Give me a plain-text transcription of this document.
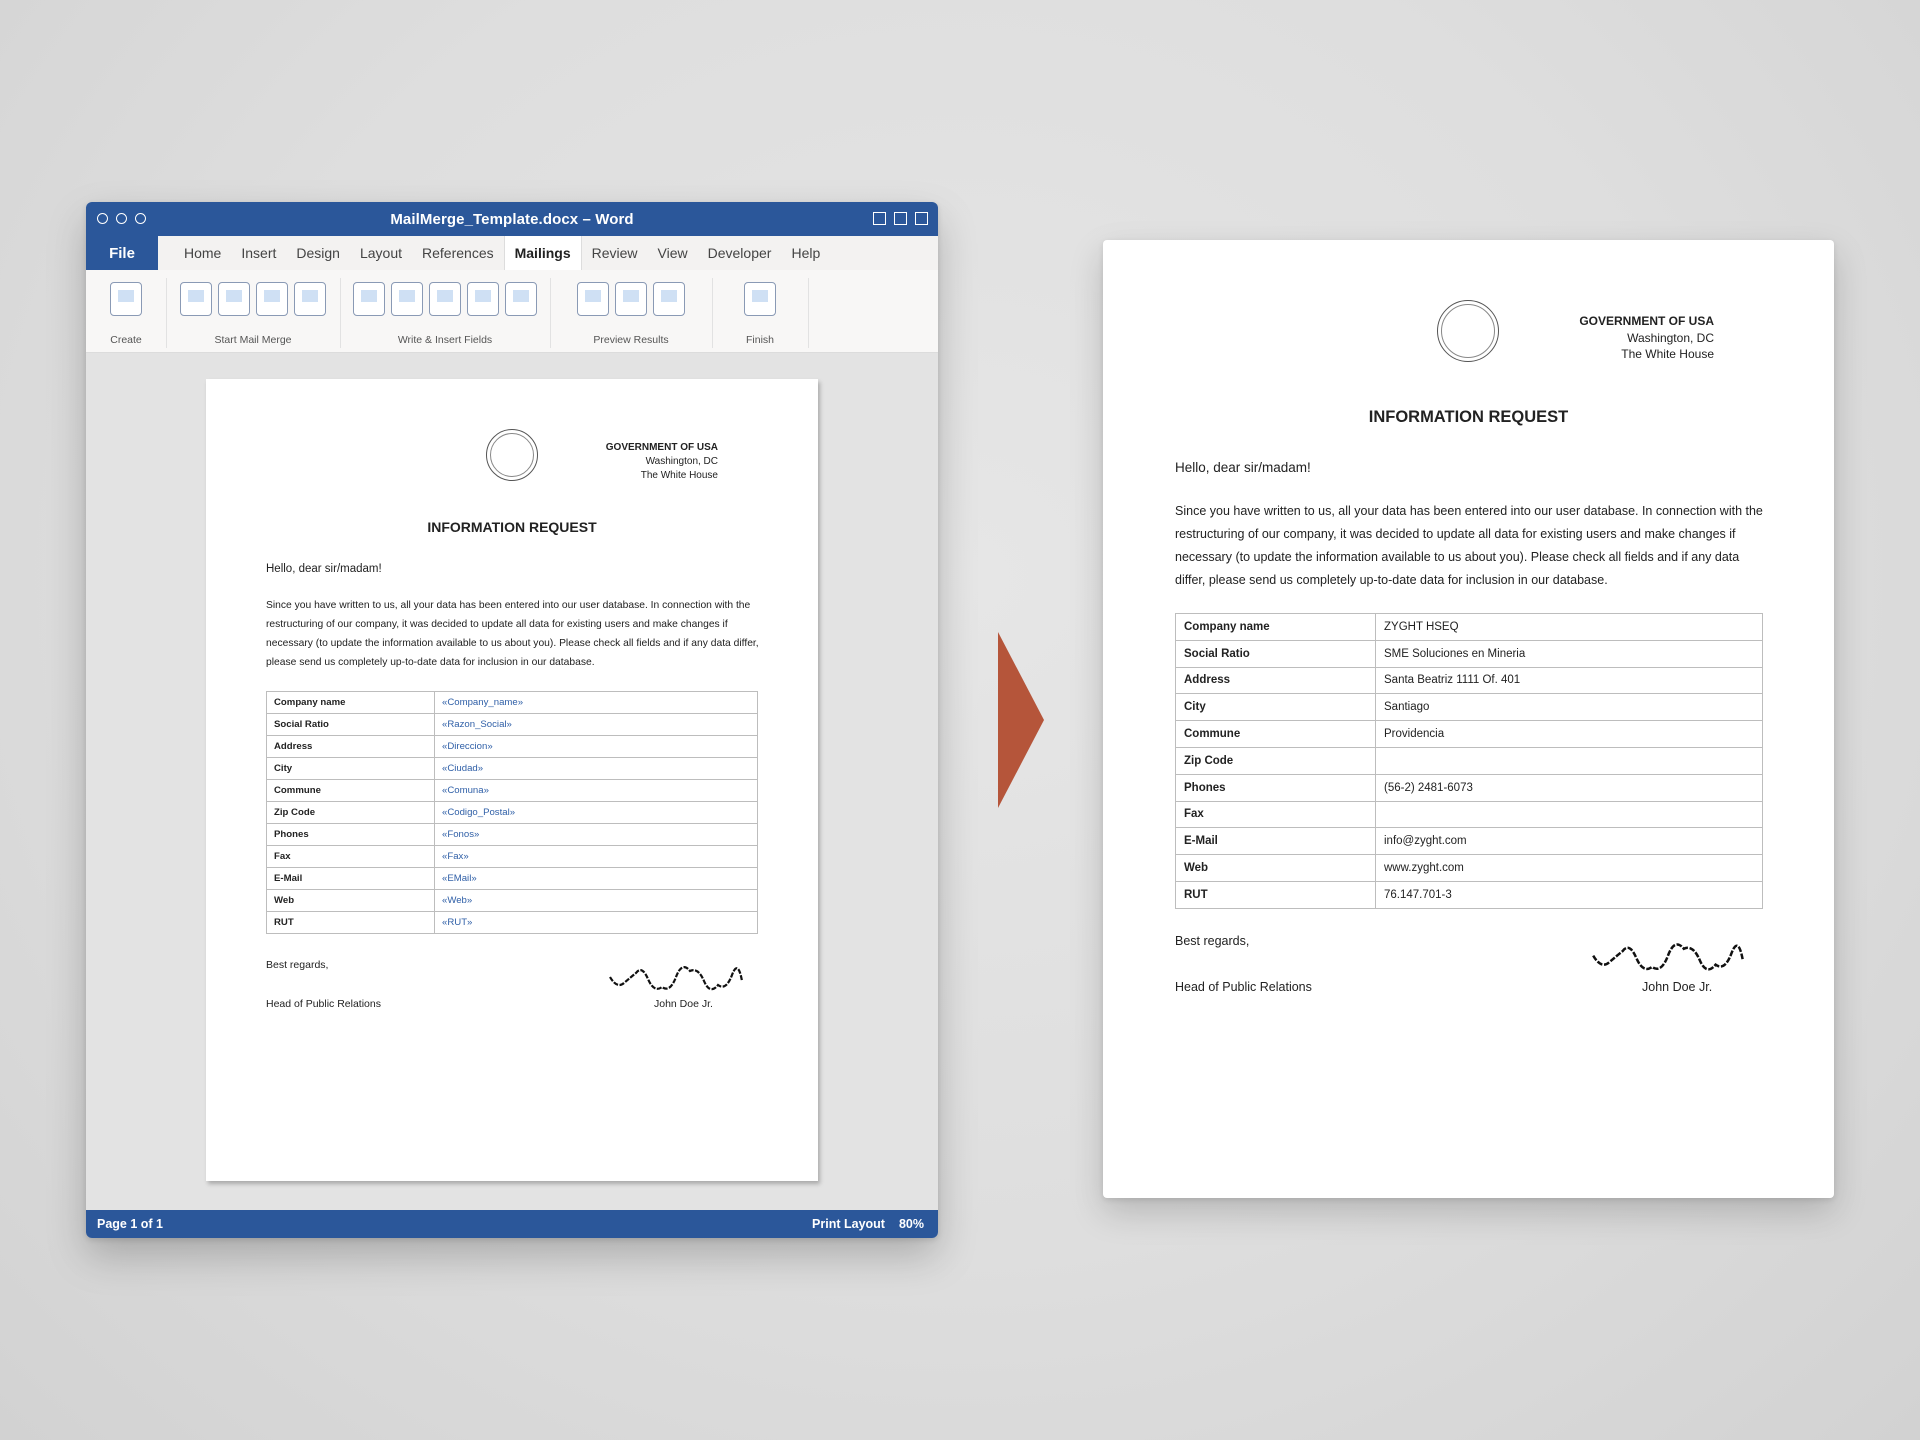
MailMerge_Template.docx – Word
File	Home	Insert	Design	Layout	References	Mailings	Review	View	Developer	Help
Create	Start Mail Merge	Write & Insert Fields	Preview Results	Finish
GOVERNMENT OF USA
Washington, DC
The White House
INFORMATION REQUEST
Hello, dear sir/madam!
Since you have written to us, all your data has been entered into our user database. In connection with the restructuring of our company, it was decided to update all data for existing users and make changes if necessary (to update the information available to us about you). Please check all fields and if any data differ, please send us completely up-to-date data for inclusion in our database.
Company name	«Company_name»
Social Ratio	«Razon_Social»
Address	«Direccion»
City	«Ciudad»
Commune	«Comuna»
Zip Code	«Codigo_Postal»
Phones	«Fonos»
Fax	«Fax»
E-Mail	«EMail»
Web	«Web»
RUT	«RUT»
Best regards,
Head of Public Relations	John Doe Jr.
Page 1 of 1	Print Layout 80%
GOVERNMENT OF USA
Washington, DC
The White House
INFORMATION REQUEST
Hello, dear sir/madam!
Since you have written to us, all your data has been entered into our user database. In connection with the restructuring of our company, it was decided to update all data for existing users and make changes if necessary (to update the information available to us about you). Please check all fields and if any data differ, please send us completely up-to-date data for inclusion in our database.
Company name	ZYGHT HSEQ
Social Ratio	SME Soluciones en Mineria
Address	Santa Beatriz 1111 Of. 401
City	Santiago
Commune	Providencia
Zip Code	
Phones	(56-2) 2481-6073
Fax	
E-Mail	info@zyght.com
Web	www.zyght.com
RUT	76.147.701-3
Best regards,
Head of Public Relations	John Doe Jr.
